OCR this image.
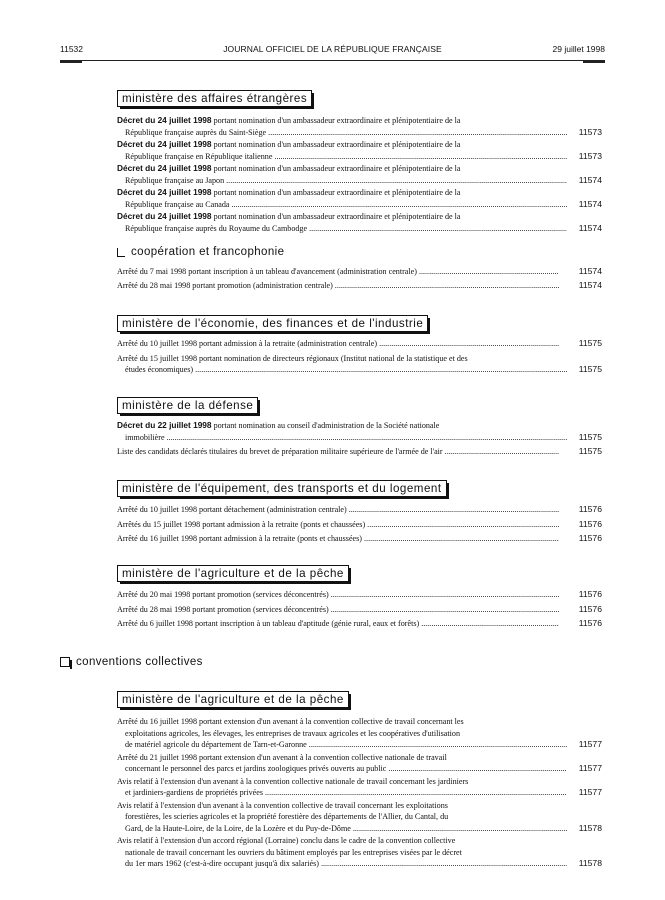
11532	JOURNAL OFFICIEL DE LA RÉPUBLIQUE FRANÇAISE	29 juillet 1998
ministère des affaires étrangères
Décret du 24 juillet 1998 portant nomination d'un ambassadeur extraordinaire et plénipotentiaire de la
République française auprès du Saint-Siège .....	11573
Décret du 24 juillet 1998 portant nomination d'un ambassadeur extraordinaire et plénipotentiaire de la
République française en République italienne .....	11573
Décret du 24 juillet 1998 portant nomination d'un ambassadeur extraordinaire et plénipotentiaire de la
République française au Japon .....	11574
Décret du 24 juillet 1998 portant nomination d'un ambassadeur extraordinaire et plénipotentiaire de la
République française au Canada .....	11574
Décret du 24 juillet 1998 portant nomination d'un ambassadeur extraordinaire et plénipotentiaire de la
République française auprès du Royaume du Cambodge .....	11574
coopération et francophonie
Arrêté du 7 mai 1998 portant inscription à un tableau d'avancement (administration centrale) .....	11574
Arrêté du 28 mai 1998 portant promotion (administration centrale) .....	11574
ministère de l'économie, des finances et de l'industrie
Arrêté du 10 juillet 1998 portant admission à la retraite (administration centrale) .....	11575
Arrêté du 15 juillet 1998 portant nomination de directeurs régionaux (Institut national de la statistique et des
études économiques) .....	11575
ministère de la défense
Décret du 22 juillet 1998 portant nomination au conseil d'administration de la Société nationale
immobilière .....	11575
Liste des candidats déclarés titulaires du brevet de préparation militaire supérieure de l'armée de l'air .....	11575
ministère de l'équipement, des transports et du logement
Arrêté du 10 juillet 1998 portant détachement (administration centrale) .....	11576
Arrêtés du 15 juillet 1998 portant admission à la retraite (ponts et chaussées) .....	11576
Arrêté du 16 juillet 1998 portant admission à la retraite (ponts et chaussées) .....	11576
ministère de l'agriculture et de la pêche
Arrêté du 20 mai 1998 portant promotion (services déconcentrés) .....	11576
Arrêté du 28 mai 1998 portant promotion (services déconcentrés) .....	11576
Arrêté du 6 juillet 1998 portant inscription à un tableau d'aptitude (génie rural, eaux et forêts) .....	11576
conventions collectives
ministère de l'agriculture et de la pêche
Arrêté du 16 juillet 1998 portant extension d'un avenant à la convention collective de travail concernant les
exploitations agricoles, les élevages, les entreprises de travaux agricoles et les coopératives d'utilisation
de matériel agricole du département de Tarn-et-Garonne .....	11577
Arrêté du 21 juillet 1998 portant extension d'un avenant à la convention collective nationale de travail
concernant le personnel des parcs et jardins zoologiques privés ouverts au public .....	11577
Avis relatif à l'extension d'un avenant à la convention collective nationale de travail concernant les jardiniers
et jardiniers-gardiens de propriétés privées .....	11577
Avis relatif à l'extension d'un avenant à la convention collective de travail concernant les exploitations
forestières, les scieries agricoles et la propriété forestière des départements de l'Allier, du Cantal, du
Gard, de la Haute-Loire, de la Loire, de la Lozère et du Puy-de-Dôme .....	11578
Avis relatif à l'extension d'un accord régional (Lorraine) conclu dans le cadre de la convention collective
nationale de travail concernant les ouvriers du bâtiment employés par les entreprises visées par le décret
du 1er mars 1962 (c'est-à-dire occupant jusqu'à dix salariés) .....	11578
